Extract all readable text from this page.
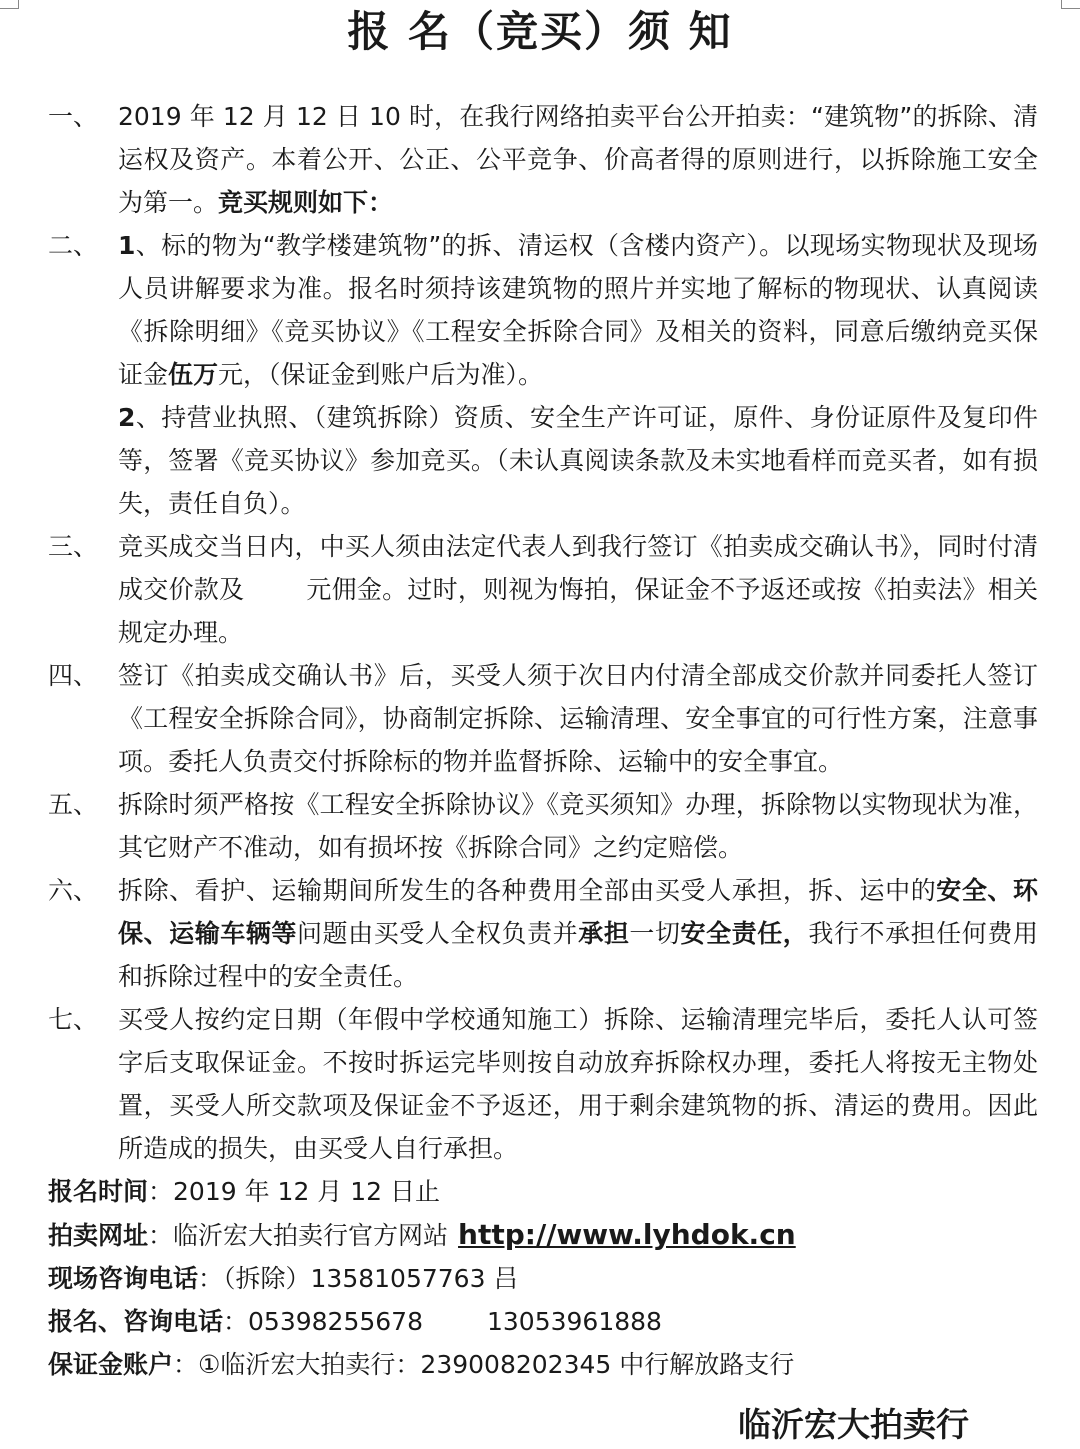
报 名（竞买）须 知
一、 2019 年 12 月 12 日 10 时，在我行网络拍卖平台公开拍卖：“建筑物”的拆除、清运权及资产。本着公开、公正、公平竞争、价高者得的原则进行，以拆除施工安全为第一。竞买规则如下：
二、 1、标的物为“教学楼建筑物”的拆、清运权（含楼内资产）。以现场实物现状及现场人员讲解要求为准。报名时须持该建筑物的照片并实地了解标的物现状、认真阅读《拆除明细》《竞买协议》《工程安全拆除合同》及相关的资料，同意后缴纳竞买保证金伍万元，（保证金到账户后为准）。

2、持营业执照、（建筑拆除）资质、安全生产许可证，原件、身份证原件及复印件等，签署《竞买协议》参加竞买。（未认真阅读条款及未实地看样而竞买者，如有损失，责任自负）。

三、 竞买成交当日内，中买人须由法定代表人到我行签订《拍卖成交确认书》，同时付清成交价款及 元佣金。过时，则视为悔拍，保证金不予返还或按《拍卖法》相关规定办理。
四、 签订《拍卖成交确认书》后，买受人须于次日内付清全部成交价款并同委托人签订《工程安全拆除合同》，协商制定拆除、运输清理、安全事宜的可行性方案，注意事项。委托人负责交付拆除标的物并监督拆除、运输中的安全事宜。
五、 拆除时须严格按《工程安全拆除协议》《竞买须知》办理，拆除物以实物现状为准，其它财产不准动，如有损坏按《拆除合同》之约定赔偿。
六、 拆除、看护、运输期间所发生的各种费用全部由买受人承担，拆、运中的安全、环保、运输车辆等问题由买受人全权负责并承担一切安全责任，我行不承担任何费用和拆除过程中的安全责任。
七、 买受人按约定日期（年假中学校通知施工）拆除、运输清理完毕后，委托人认可签字后支取保证金。不按时拆运完毕则按自动放弃拆除权办理，委托人将按无主物处置，买受人所交款项及保证金不予返还，用于剩余建筑物的拆、清运的费用。因此所造成的损失，由买受人自行承担。
报名时间：2019 年 12 月 12 日止
拍卖网址：临沂宏大拍卖行官方网站 http://www.lyhdok.cn
现场咨询电话：（拆除）13581057763 吕
报名、咨询电话：05398255678	13053961888
保证金账户：①临沂宏大拍卖行：239008202345 中行解放路支行
临沂宏大拍卖行
